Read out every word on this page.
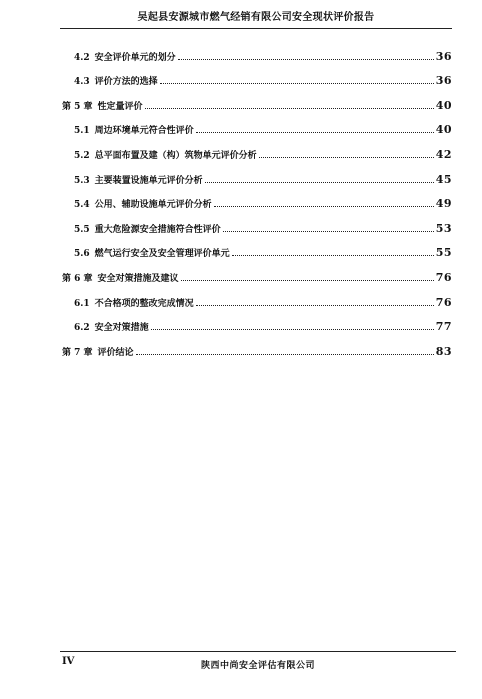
吴起县安源城市燃气经销有限公司安全现状评价报告
4.2 安全评价单元的划分	36
4.3 评价方法的选择	36
第 5 章 性定量评价	40
5.1 周边环境单元符合性评价	40
5.2 总平面布置及建（构）筑物单元评价分析	42
5.3 主要装置设施单元评价分析	45
5.4 公用、辅助设施单元评价分析	49
5.5 重大危险源安全措施符合性评价	53
5.6 燃气运行安全及安全管理评价单元	55
第 6 章 安全对策措施及建议	76
6.1 不合格项的整改完成情况	76
6.2 安全对策措施	77
第 7 章 评价结论	83
IV	陕西中尚安全评估有限公司
